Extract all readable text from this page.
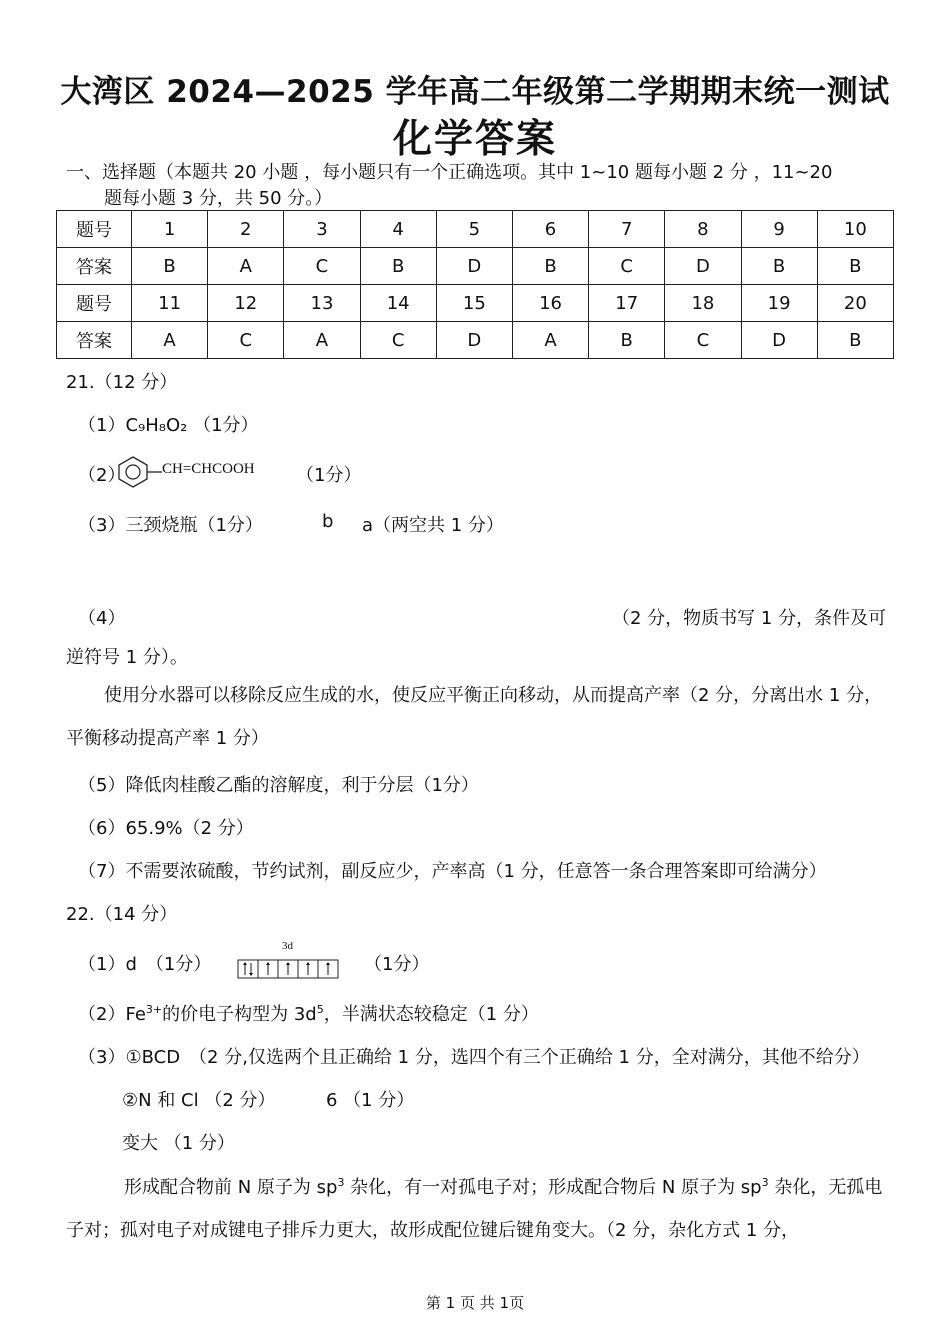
大湾区 2024—2025 学年高二年级第二学期期末统一测试
化学答案
一、选择题（本题共 20 小题 ，每小题只有一个正确选项。其中 1~10 题每小题 2 分 ，11~20
题每小题 3 分，共 50 分。）
题号	1	2	3	4	5	6	7	8	9	10
答案	B	A	C	B	D	B	C	D	B	B
题号	11	12	13	14	15	16	17	18	19	20
答案	A	C	A	C	D	A	B	C	D	B
21.（12 分）
（1）C₉H₈O₂ （1分）
（2） CH=CHCOOH （1分）
（3）三颈烧瓶（1分）	b a（两空共 1 分）
（4）	（2 分，物质书写 1 分，条件及可
逆符号 1 分）。
使用分水器可以移除反应生成的水，使反应平衡正向移动，从而提高产率（2 分，分离出水 1 分，平衡移动提高产率 1 分）
（5）降低肉桂酸乙酯的溶解度，利于分层（1分）
（6）65.9%（2 分）
（7）不需要浓硫酸，节约试剂，副反应少，产率高（1 分，任意答一条合理答案即可给满分）
22.（14 分）
（1）d　（1分）
3d
（1分）
$(2)Fe^{3+}$的价电子构型为 $3d^5$，半满状态较稳定（1 分）
（3）①BCD　（2 分,仅选两个且正确给 1 分，选四个有三个正确给 1 分，全对满分，其他不给分）
②N 和 Cl （2 分）	6 （1 分）
变大 （1 分）
形成配合物前 N 原子为 $sp^3$ 杂化，有一对孤电子对；形成配合物后 N 原子为 $sp^3$ 杂化，无孤电子对；孤对电子对成键电子排斥力更大，故形成配位键后键角变大。（2 分，杂化方式 1 分，
第 1 页 共 1页
